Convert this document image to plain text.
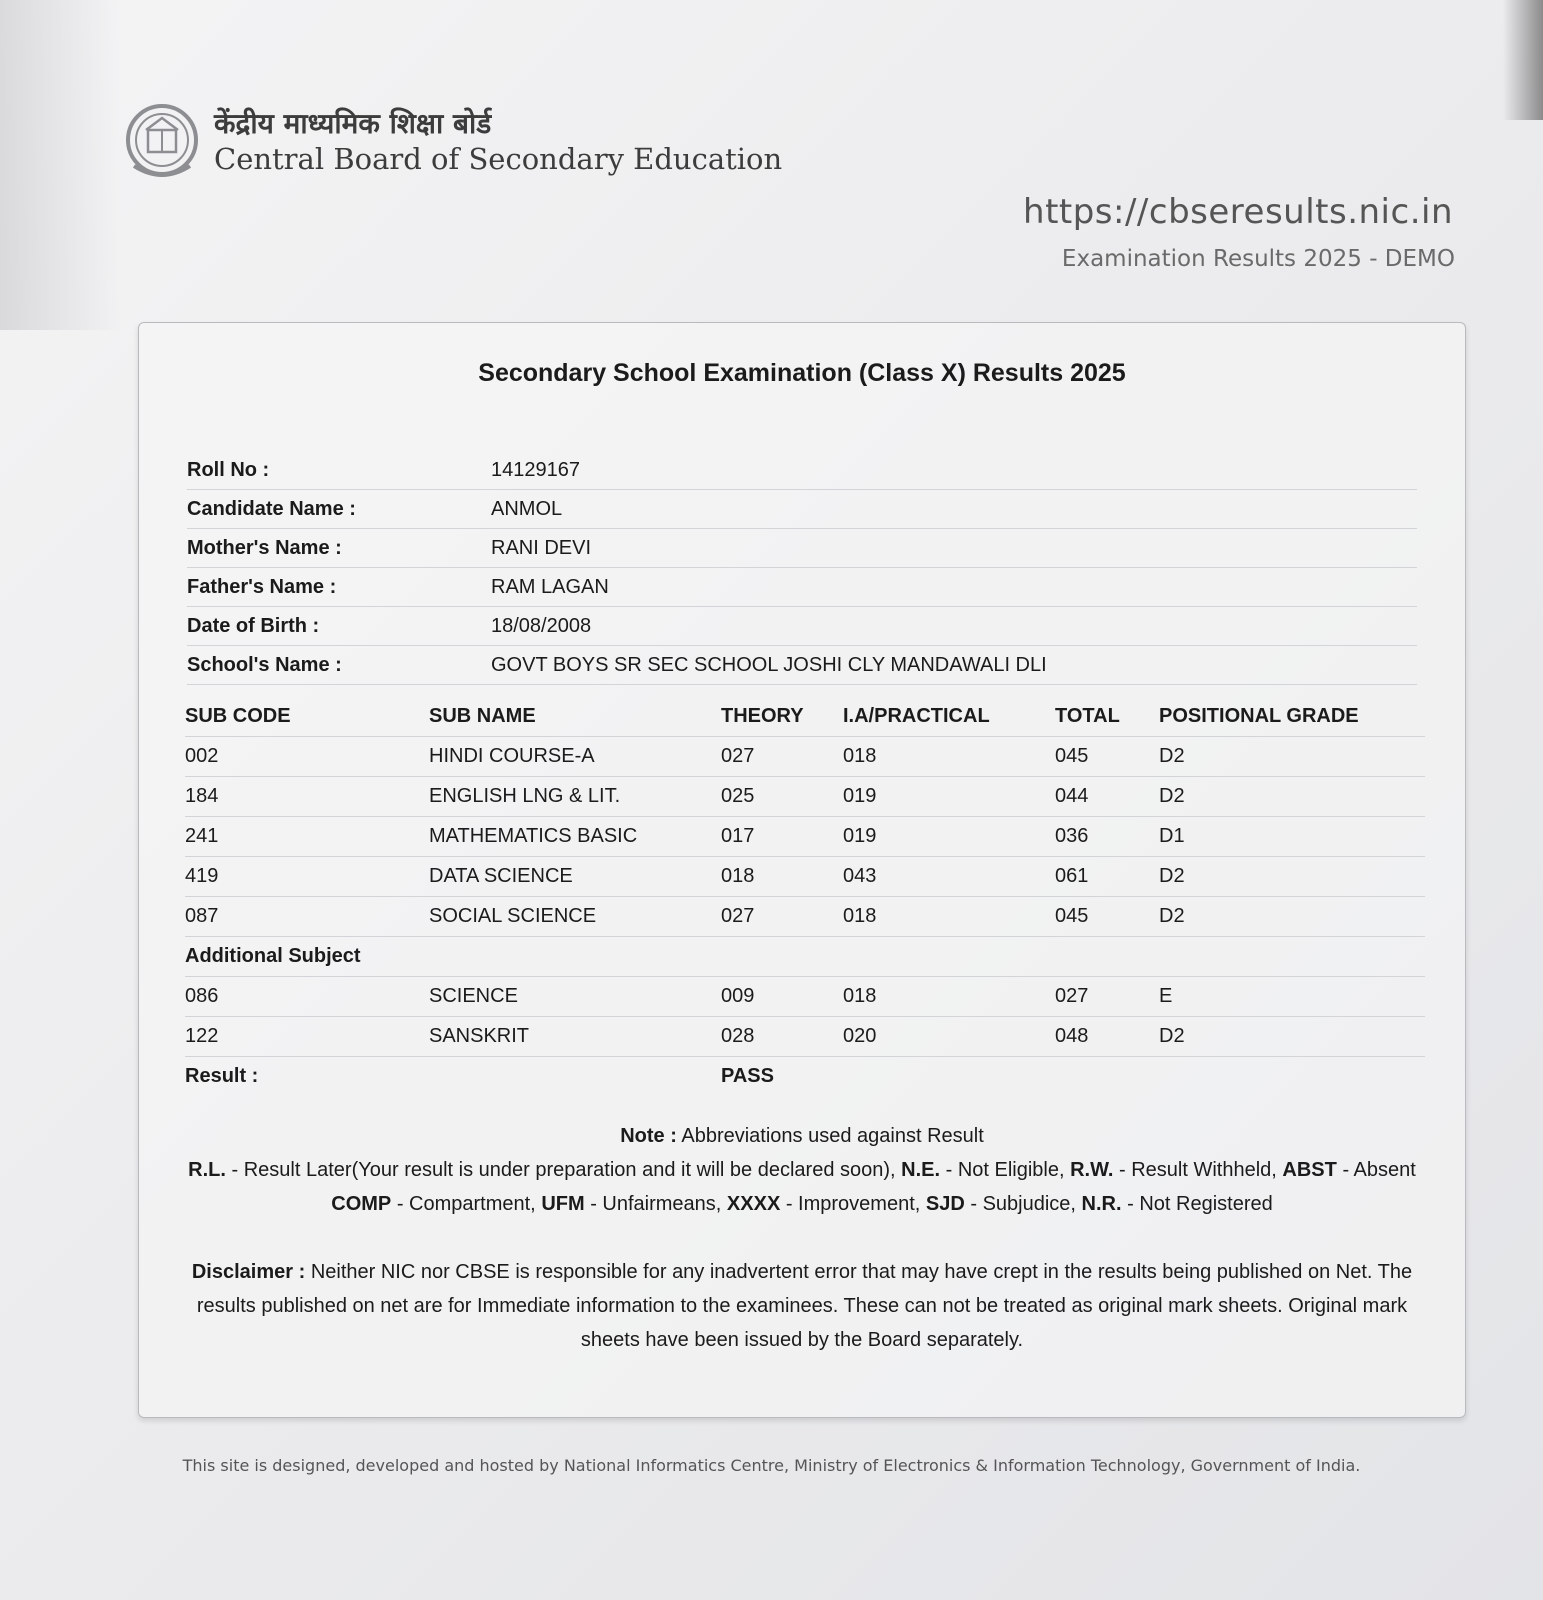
केंद्रीय माध्यमिक शिक्षा बोर्ड
Central Board of Secondary Education
https://cbseresults.nic.in
Examination Results 2025 - DEMO
Secondary School Examination (Class X) Results 2025
Roll No :	14129167
Candidate Name :	ANMOL
Mother's Name :	RANI DEVI
Father's Name :	RAM LAGAN
Date of Birth :	18/08/2008
School's Name :	GOVT BOYS SR SEC SCHOOL JOSHI CLY MANDAWALI DLI
SUB CODE	SUB NAME	THEORY	I.A/PRACTICAL	TOTAL	POSITIONAL GRADE
002	HINDI COURSE-A	027	018	045	D2
184	ENGLISH LNG & LIT.	025	019	044	D2
241	MATHEMATICS BASIC	017	019	036	D1
419	DATA SCIENCE	018	043	061	D2
087	SOCIAL SCIENCE	027	018	045	D2
Additional Subject					
086	SCIENCE	009	018	027	E
122	SANSKRIT	028	020	048	D2
Result :		PASS			
Note : Abbreviations used against Result
R.L. - Result Later(Your result is under preparation and it will be declared soon), N.E. - Not Eligible, R.W. - Result Withheld, ABST - Absent COMP - Compartment, UFM - Unfairmeans, XXXX - Improvement, SJD - Subjudice, N.R. - Not Registered
Disclaimer : Neither NIC nor CBSE is responsible for any inadvertent error that may have crept in the results being published on Net. The results published on net are for Immediate information to the examinees. These can not be treated as original mark sheets. Original mark sheets have been issued by the Board separately.
This site is designed, developed and hosted by National Informatics Centre, Ministry of Electronics & Information Technology, Government of India.
